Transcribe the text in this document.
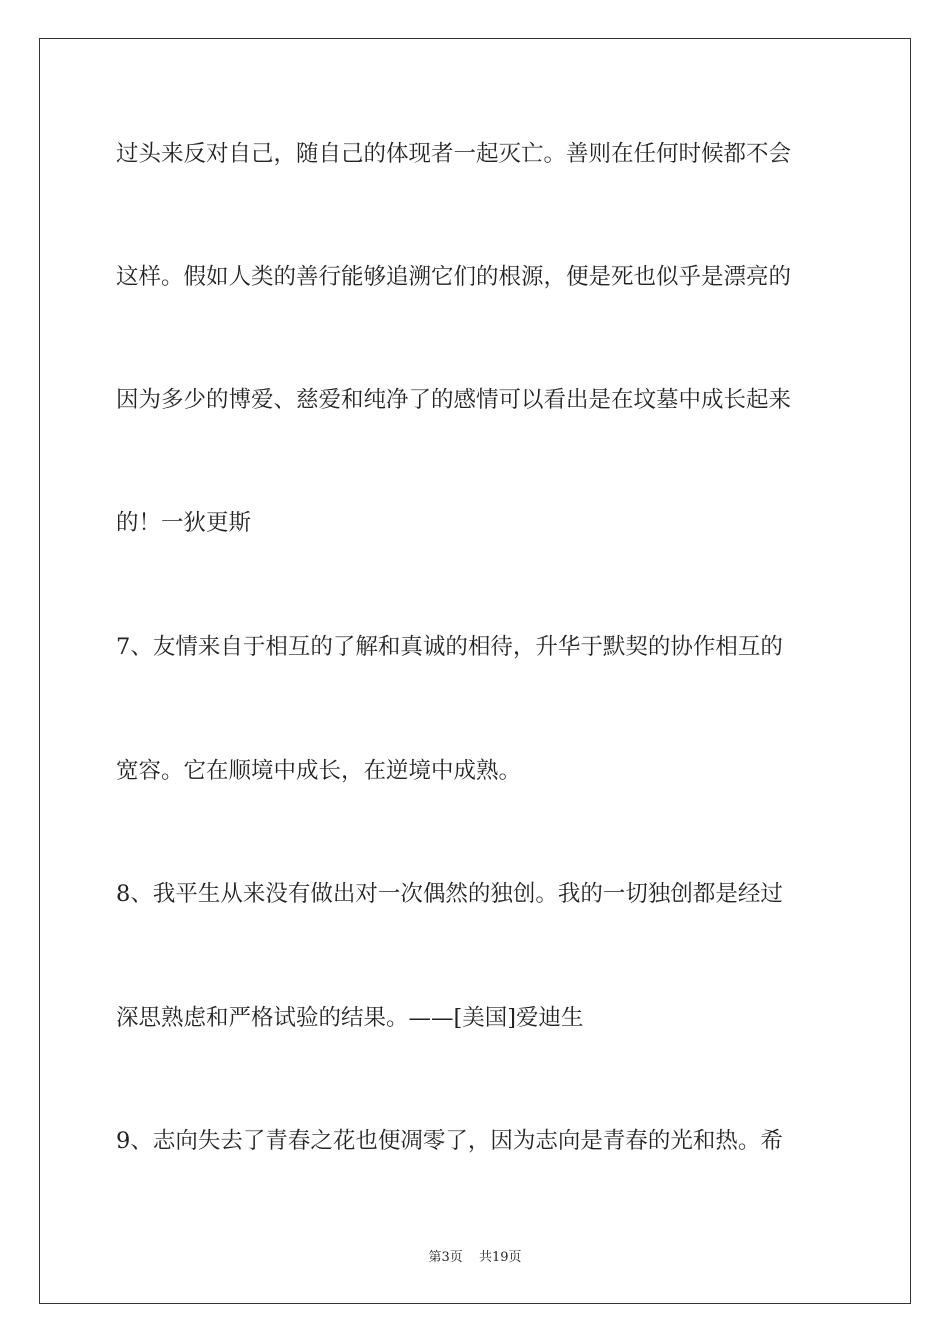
过头来反对自己，随自己的体现者一起灭亡。善则在任何时候都不会
这样。假如人类的善行能够追溯它们的根源，便是死也似乎是漂亮的
因为多少的博爱、慈爱和纯净了的感情可以看出是在坟墓中成长起来
的！一狄更斯
7、友情来自于相互的了解和真诚的相待，升华于默契的协作相互的
宽容。它在顺境中成长，在逆境中成熟。
8、我平生从来没有做出对一次偶然的独创。我的一切独创都是经过
深思熟虑和严格试验的结果。——[美国]爱迪生
9、志向失去了青春之花也便凋零了，因为志向是青春的光和热。希
第3页 共19页
